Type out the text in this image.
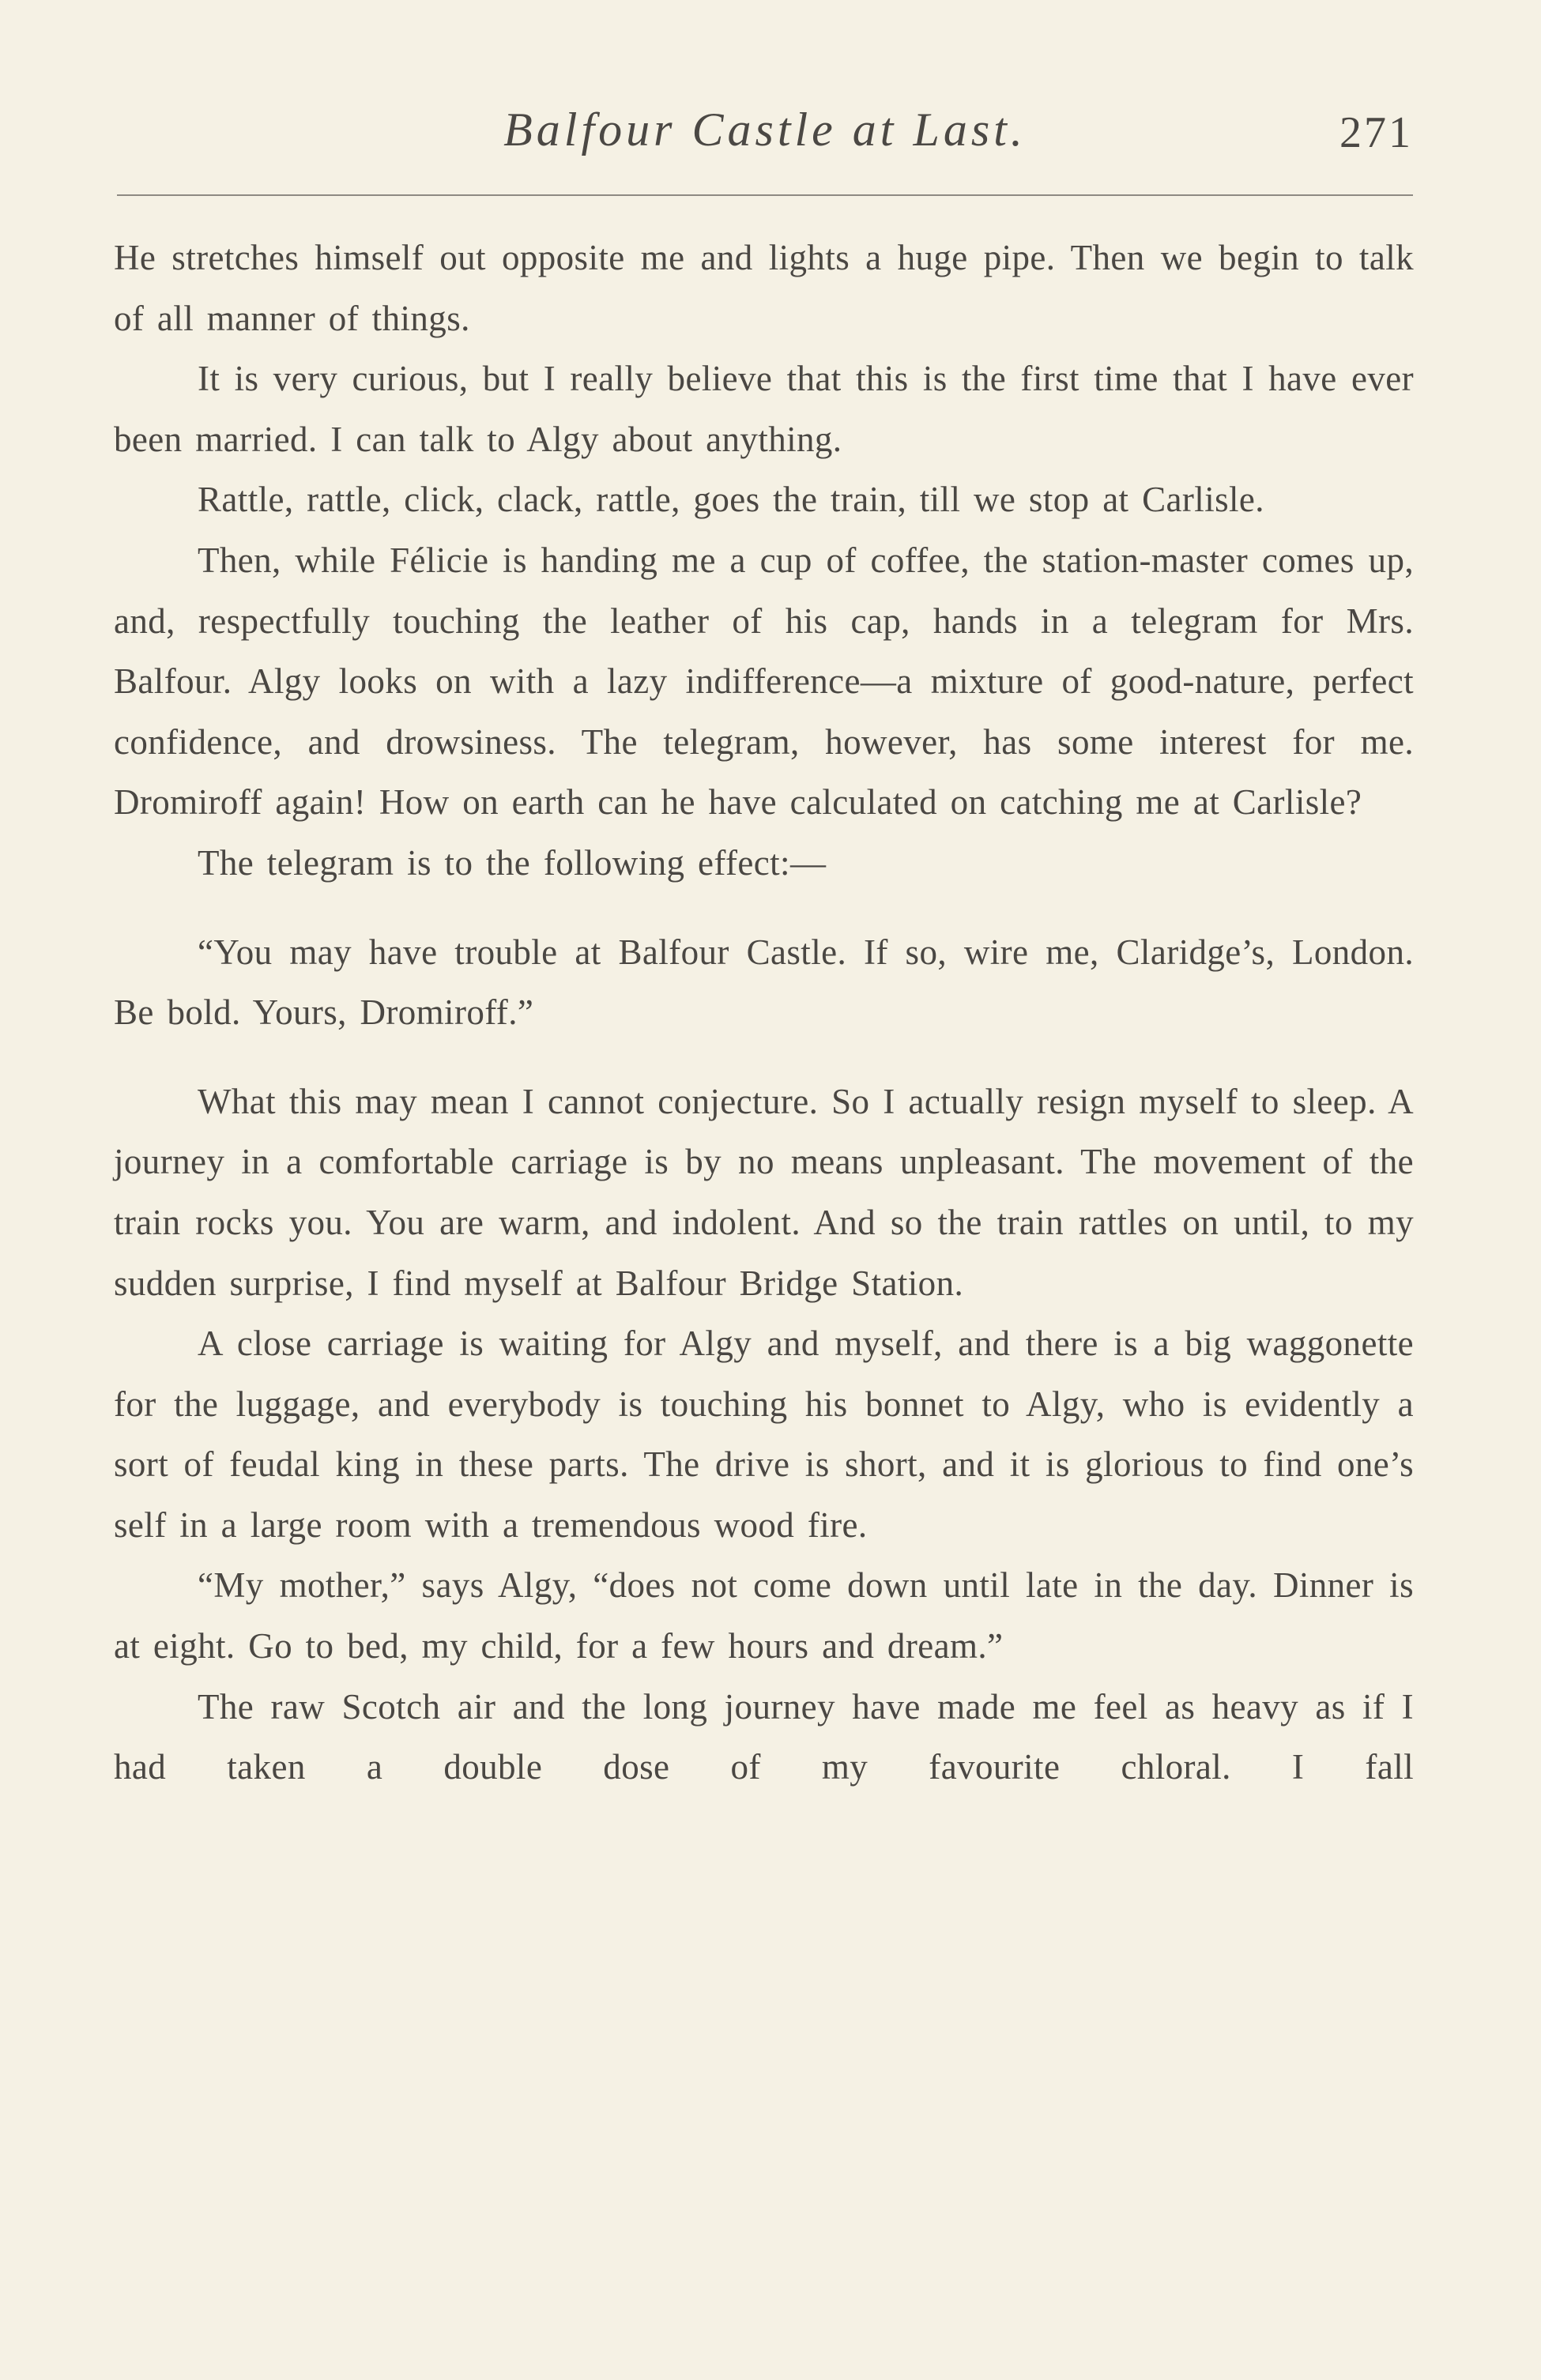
Balfour Castle at Last.	271

He stretches himself out opposite me and lights a huge pipe. Then we begin to talk of all manner of things.

It is very curious, but I really believe that this is the first time that I have ever been married. I can talk to Algy about anything.

Rattle, rattle, click, clack, rattle, goes the train, till we stop at Carlisle.

Then, while Félicie is handing me a cup of coffee, the station-master comes up, and, respectfully touching the leather of his cap, hands in a telegram for Mrs. Balfour. Algy looks on with a lazy indifference—a mixture of good-nature, perfect confidence, and drowsiness. The telegram, however, has some interest for me. Dromiroff again! How on earth can he have calculated on catching me at Carlisle?

The telegram is to the following effect:—

“You may have trouble at Balfour Castle. If so, wire me, Claridge’s, London. Be bold. Yours, Dromiroff.”

What this may mean I cannot conjecture. So I actually resign myself to sleep. A journey in a comfortable carriage is by no means unpleasant. The movement of the train rocks you. You are warm, and indolent. And so the train rattles on until, to my sudden surprise, I find myself at Balfour Bridge Station.

A close carriage is waiting for Algy and myself, and there is a big waggonette for the luggage, and everybody is touching his bonnet to Algy, who is evidently a sort of feudal king in these parts. The drive is short, and it is glorious to find one’s self in a large room with a tremendous wood fire.

“My mother,” says Algy, “does not come down until late in the day. Dinner is at eight. Go to bed, my child, for a few hours and dream.”

The raw Scotch air and the long journey have made me feel as heavy as if I had taken a double dose of my favourite chloral. I fall
